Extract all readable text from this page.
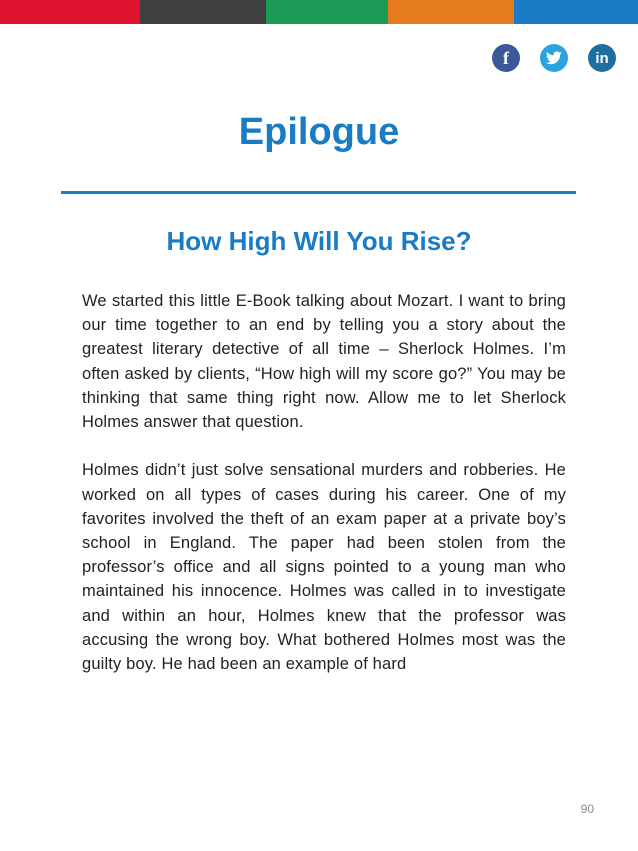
f	in
Epilogue
How High Will You Rise?

We started this little E-Book talking about Mozart. I want to bring our time together to an end by telling you a story about the greatest literary detective of all time – Sherlock Holmes. I’m often asked by clients, “How high will my score go?” You may be thinking that same thing right now. Allow me to let Sherlock Holmes answer that question.

Holmes didn’t just solve sensational murders and robberies. He worked on all types of cases during his career. One of my favorites involved the theft of an exam paper at a private boy’s school in England. The paper had been stolen from the professor’s office and all signs pointed to a young man who maintained his innocence. Holmes was called in to investigate and within an hour, Holmes knew that the professor was accusing the wrong boy. What bothered Holmes most was the guilty boy. He had been an example of hard

90
